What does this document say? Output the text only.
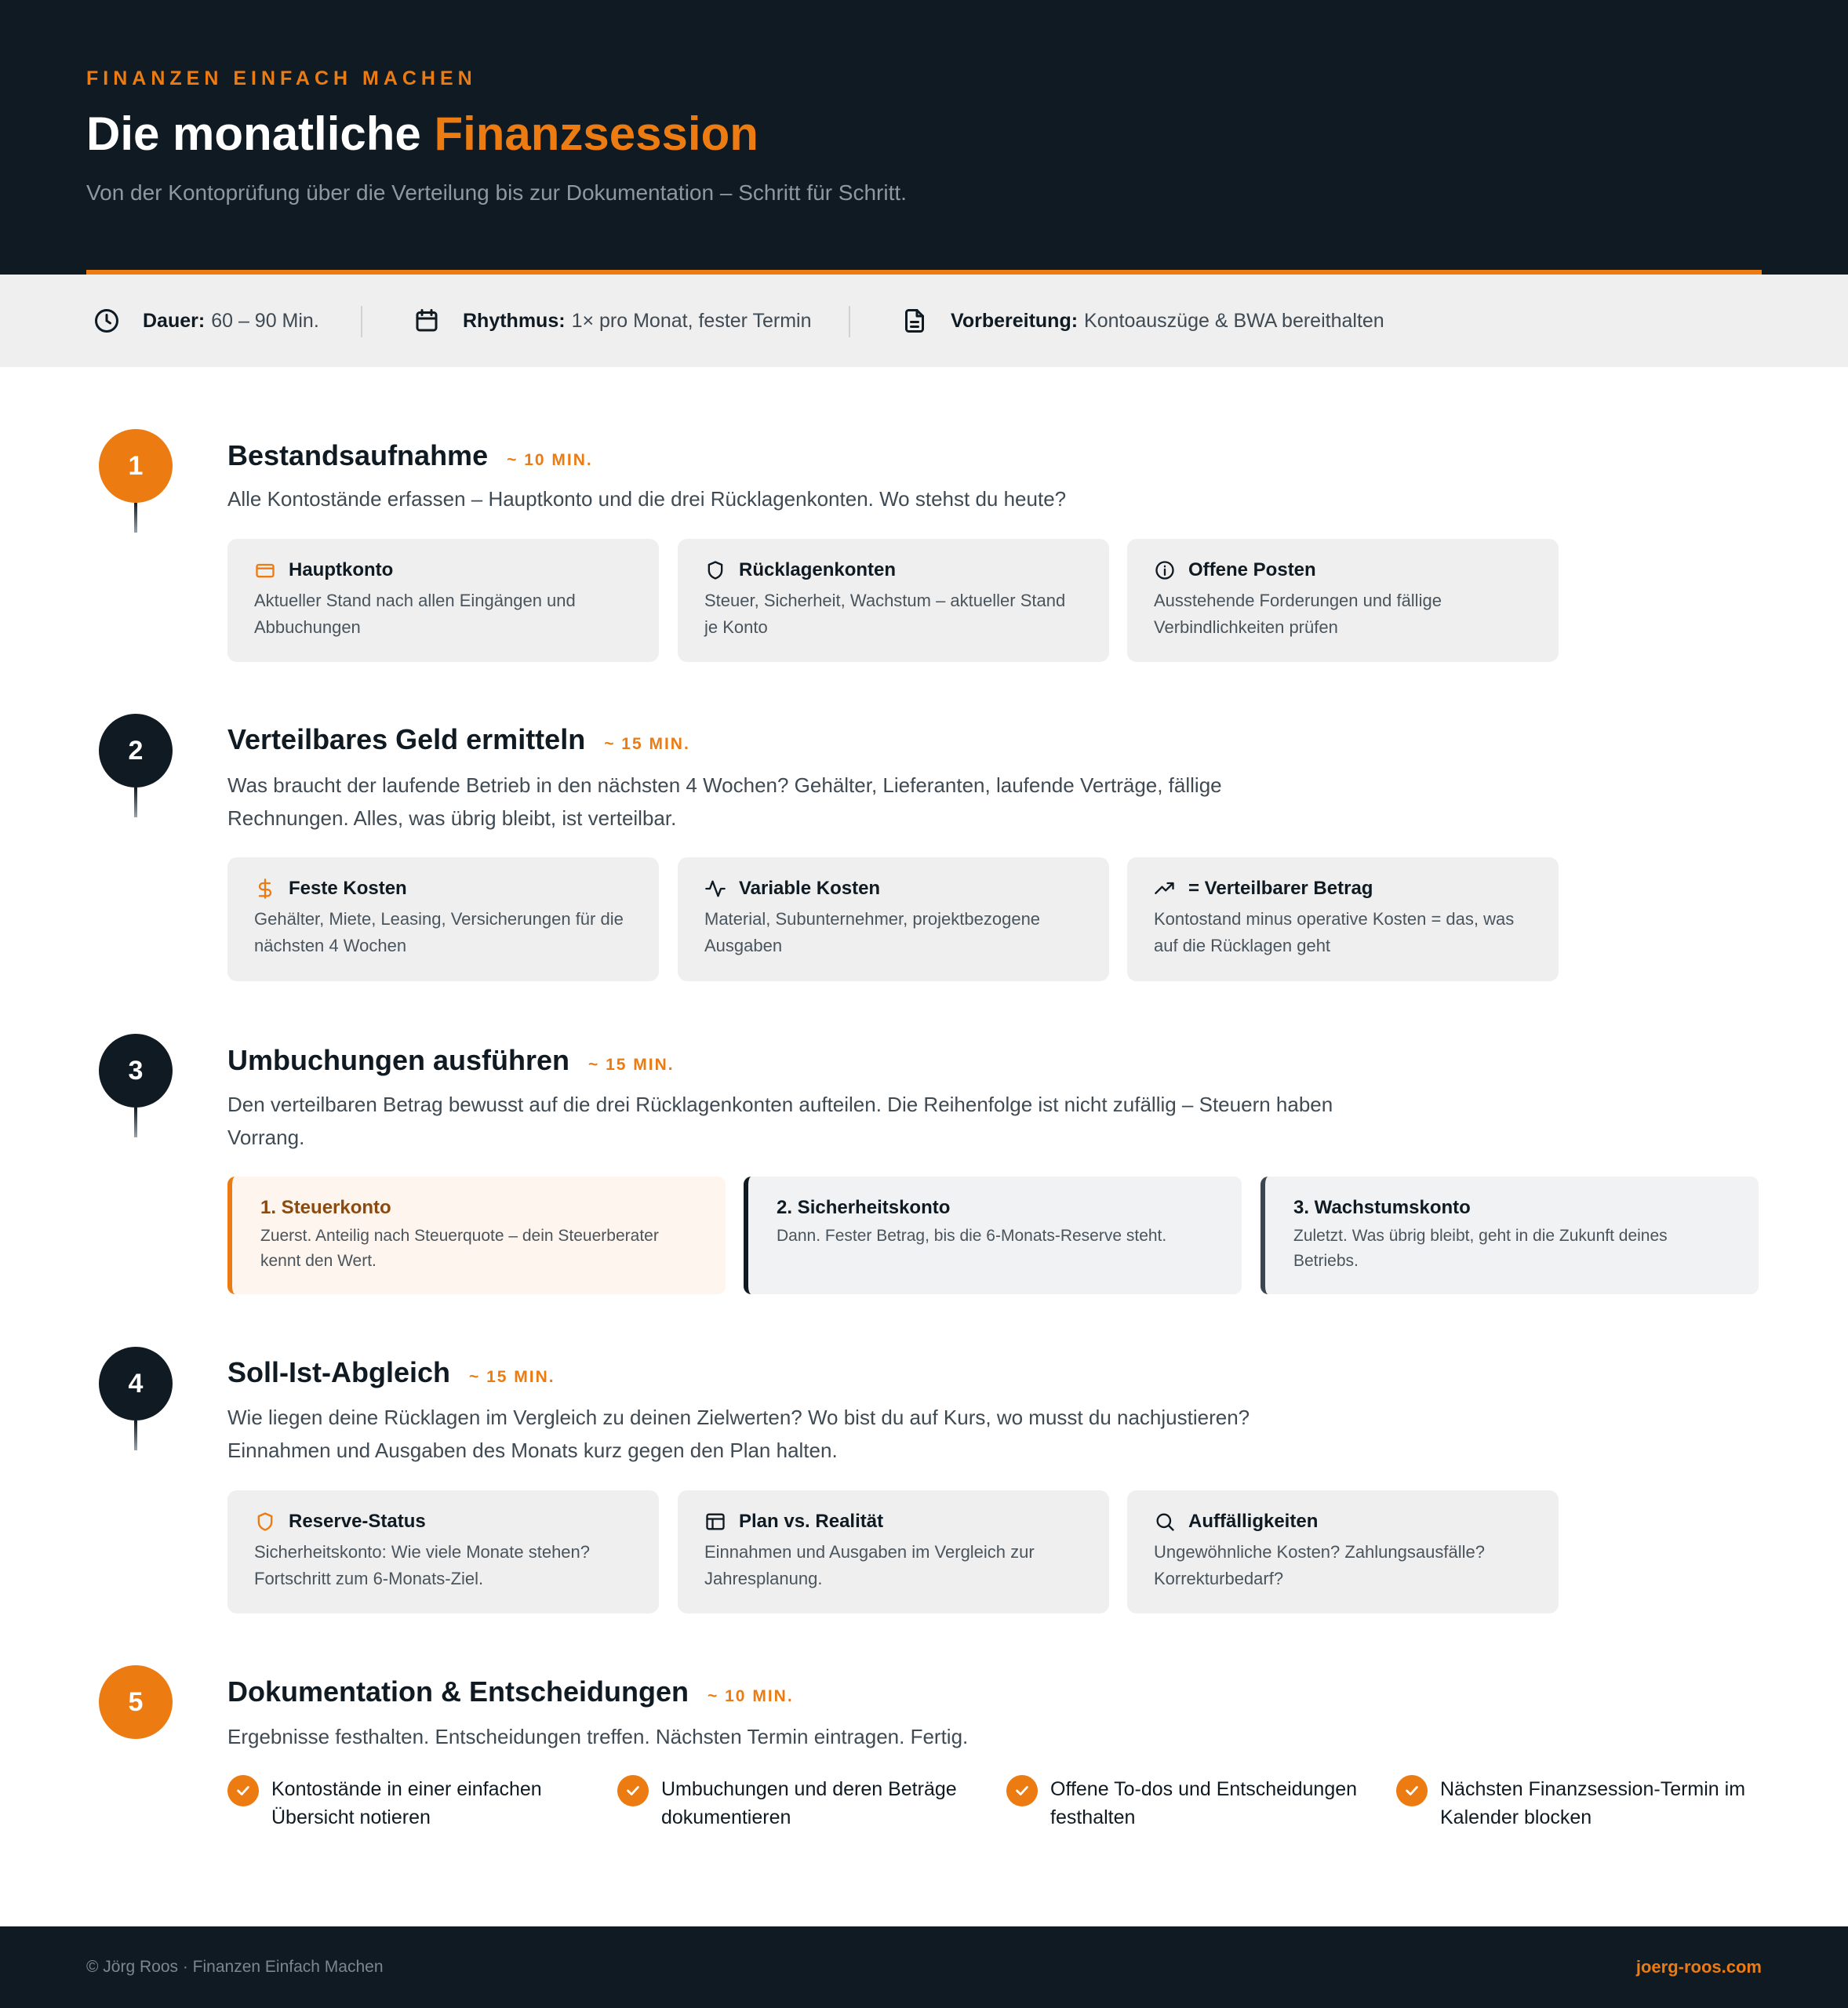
FINANZEN EINFACH MACHEN
Die monatliche Finanzsession
Von der Kontoprüfung über die Verteilung bis zur Dokumentation – Schritt für Schritt.
Dauer: 60 – 90 Min.	Rhythmus: 1× pro Monat, fester Termin	Vorbereitung: Kontoauszüge & BWA bereithalten
1	Bestandsaufnahme ~ 10 MIN.
Alle Kontostände erfassen – Hauptkonto und die drei Rücklagenkonten. Wo stehst du heute?
Hauptkonto
Aktueller Stand nach allen Eingängen und Abbuchungen
Rücklagenkonten
Steuer, Sicherheit, Wachstum – aktueller Stand je Konto
Offene Posten
Ausstehende Forderungen und fällige Verbindlichkeiten prüfen
2	Verteilbares Geld ermitteln ~ 15 MIN.
Was braucht der laufende Betrieb in den nächsten 4 Wochen? Gehälter, Lieferanten, laufende Verträge, fällige Rechnungen. Alles, was übrig bleibt, ist verteilbar.
Feste Kosten
Gehälter, Miete, Leasing, Versicherungen für die nächsten 4 Wochen
Variable Kosten
Material, Subunternehmer, projektbezogene Ausgaben
= Verteilbarer Betrag
Kontostand minus operative Kosten = das, was auf die Rücklagen geht
3	Umbuchungen ausführen ~ 15 MIN.
Den verteilbaren Betrag bewusst auf die drei Rücklagenkonten aufteilen. Die Reihenfolge ist nicht zufällig – Steuern haben Vorrang.
1. Steuerkonto
Zuerst. Anteilig nach Steuerquote – dein Steuerberater kennt den Wert.
2. Sicherheitskonto
Dann. Fester Betrag, bis die 6-Monats-Reserve steht.
3. Wachstumskonto
Zuletzt. Was übrig bleibt, geht in die Zukunft deines Betriebs.
4	Soll-Ist-Abgleich ~ 15 MIN.
Wie liegen deine Rücklagen im Vergleich zu deinen Zielwerten? Wo bist du auf Kurs, wo musst du nachjustieren? Einnahmen und Ausgaben des Monats kurz gegen den Plan halten.
Reserve-Status
Sicherheitskonto: Wie viele Monate stehen? Fortschritt zum 6-Monats-Ziel.
Plan vs. Realität
Einnahmen und Ausgaben im Vergleich zur Jahresplanung.
Auffälligkeiten
Ungewöhnliche Kosten? Zahlungsausfälle? Korrekturbedarf?
5	Dokumentation & Entscheidungen ~ 10 MIN.
Ergebnisse festhalten. Entscheidungen treffen. Nächsten Termin eintragen. Fertig.
Kontostände in einer einfachen Übersicht notieren
Umbuchungen und deren Beträge dokumentieren
Offene To-dos und Entscheidungen festhalten
Nächsten Finanzsession-Termin im Kalender blocken
© Jörg Roos · Finanzen Einfach Machen	joerg-roos.com
